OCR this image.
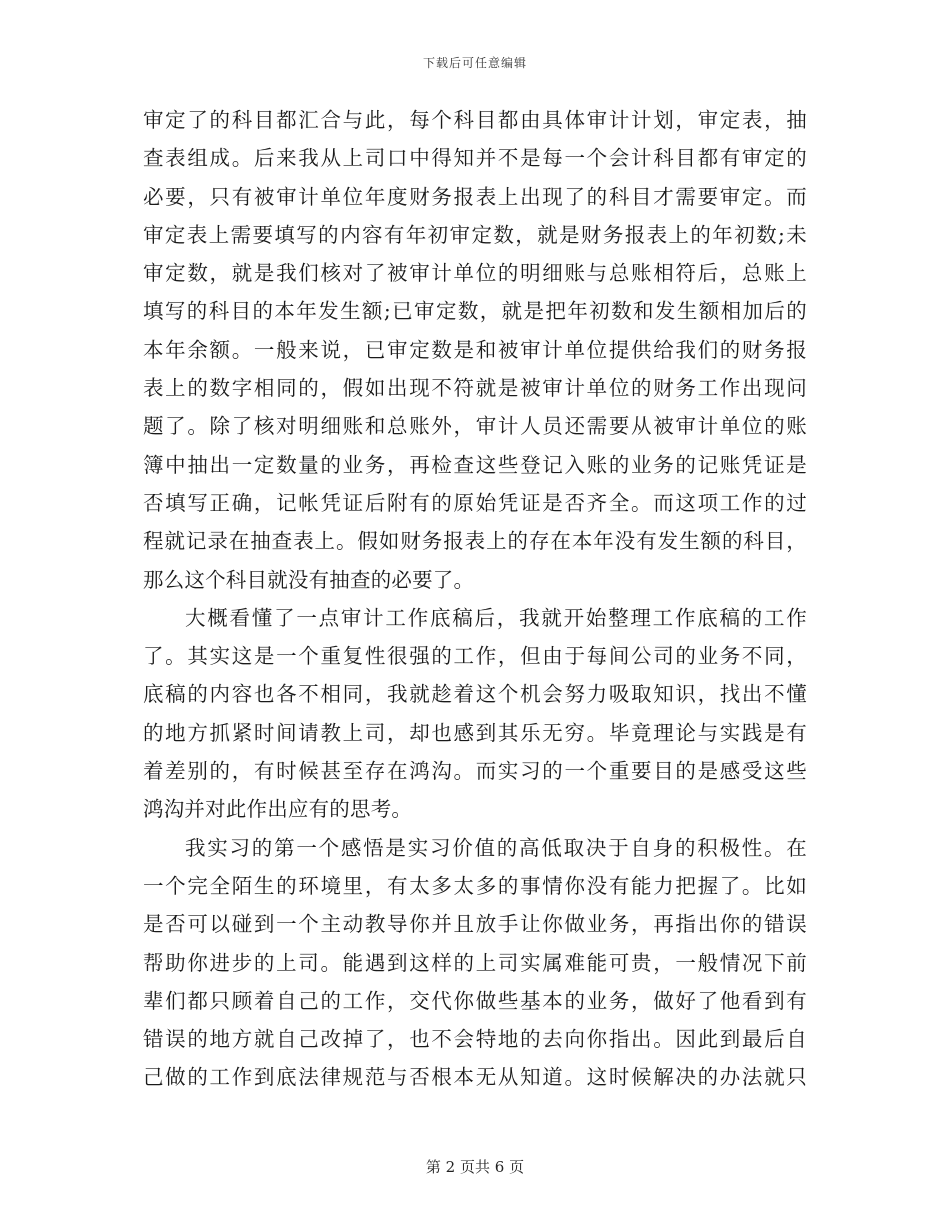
下载后可任意编辑
审定了的科目都汇合与此，每个科目都由具体审计计划，审定表，抽
查表组成。后来我从上司口中得知并不是每一个会计科目都有审定的
必要，只有被审计单位年度财务报表上出现了的科目才需要审定。而
审定表上需要填写的内容有年初审定数，就是财务报表上的年初数;未
审定数，就是我们核对了被审计单位的明细账与总账相符后，总账上
填写的科目的本年发生额;已审定数，就是把年初数和发生额相加后的
本年余额。一般来说，已审定数是和被审计单位提供给我们的财务报
表上的数字相同的，假如出现不符就是被审计单位的财务工作出现问
题了。除了核对明细账和总账外，审计人员还需要从被审计单位的账
簿中抽出一定数量的业务，再检查这些登记入账的业务的记账凭证是
否填写正确，记帐凭证后附有的原始凭证是否齐全。而这项工作的过
程就记录在抽查表上。假如财务报表上的存在本年没有发生额的科目，
那么这个科目就没有抽查的必要了。
大概看懂了一点审计工作底稿后，我就开始整理工作底稿的工作
了。其实这是一个重复性很强的工作，但由于每间公司的业务不同，
底稿的内容也各不相同，我就趁着这个机会努力吸取知识，找出不懂
的地方抓紧时间请教上司，却也感到其乐无穷。毕竟理论与实践是有
着差别的，有时候甚至存在鸿沟。而实习的一个重要目的是感受这些
鸿沟并对此作出应有的思考。
我实习的第一个感悟是实习价值的高低取决于自身的积极性。在
一个完全陌生的环境里，有太多太多的事情你没有能力把握了。比如
是否可以碰到一个主动教导你并且放手让你做业务，再指出你的错误
帮助你进步的上司。能遇到这样的上司实属难能可贵，一般情况下前
辈们都只顾着自己的工作，交代你做些基本的业务，做好了他看到有
错误的地方就自己改掉了，也不会特地的去向你指出。因此到最后自
己做的工作到底法律规范与否根本无从知道。这时候解决的办法就只
第 2 页共 6 页
